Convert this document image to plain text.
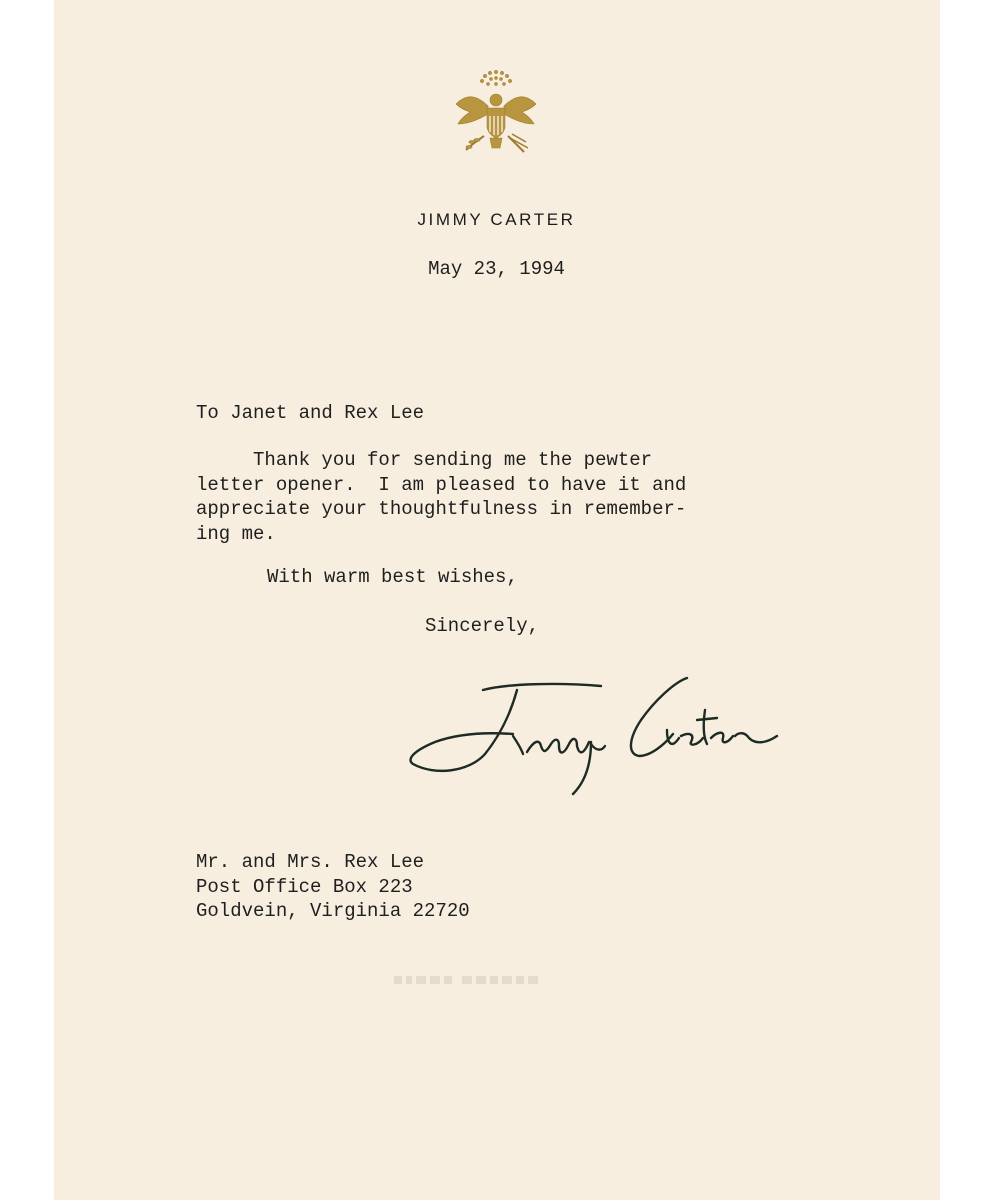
JIMMY CARTER
May 23, 1994
To Janet and Rex Lee
Thank you for sending me the pewter
letter opener.  I am pleased to have it and
appreciate your thoughtfulness in remember-
ing me.
With warm best wishes,
Sincerely,
Mr. and Mrs. Rex Lee
Post Office Box 223
Goldvein, Virginia 22720
